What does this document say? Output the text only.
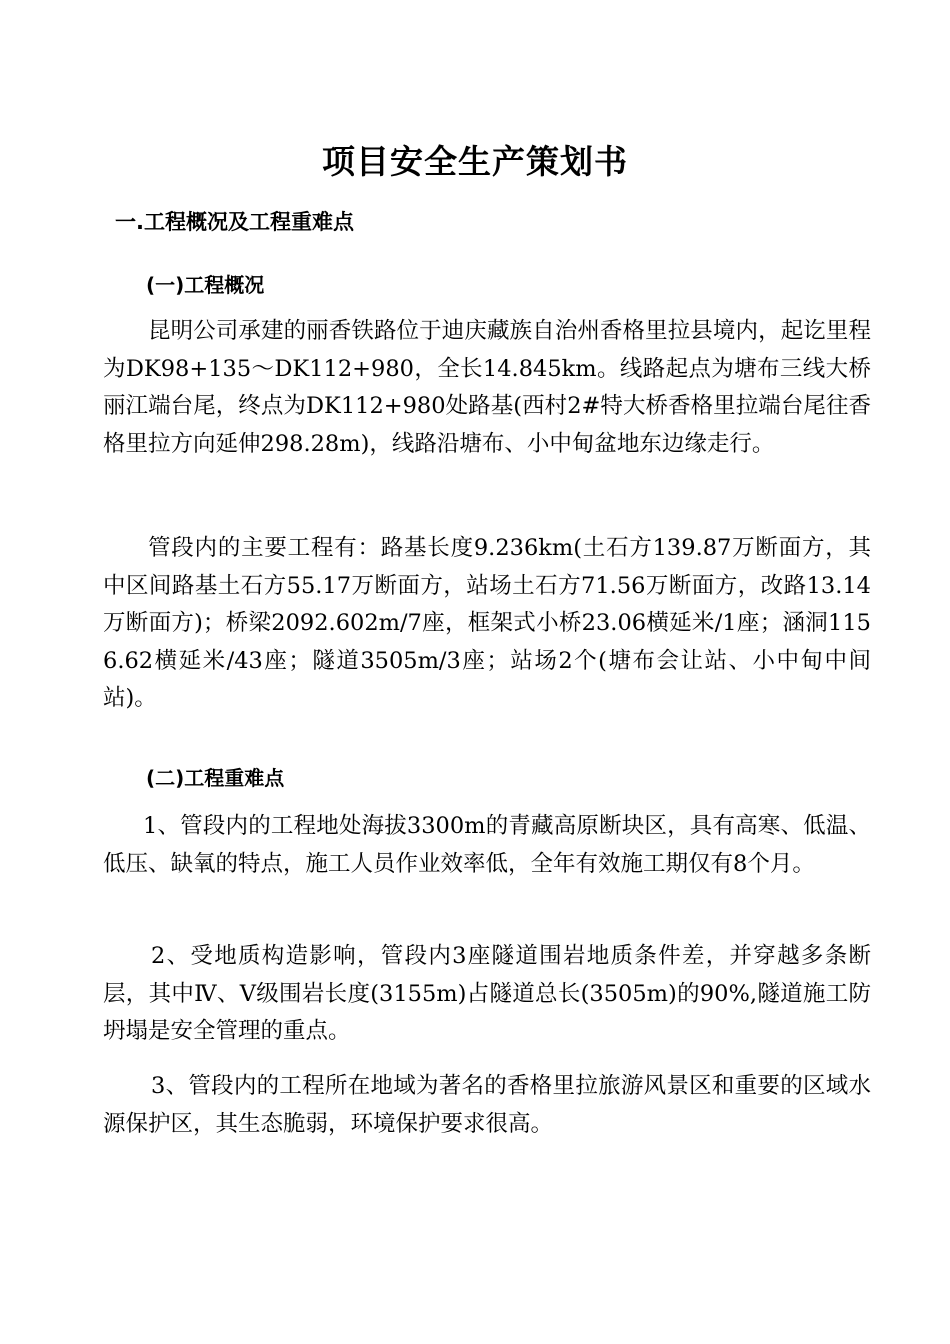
项目安全生产策划书
一.工程概况及工程重难点
(一)工程概况

昆明公司承建的丽香铁路位于迪庆藏族自治州香格里拉县境内，起讫里程为DK98+135～DK112+980，全长14.845km。线路起点为塘布三线大桥丽江端台尾，终点为DK112+980处路基(西村2#特大桥香格里拉端台尾往香格里拉方向延伸298.28m)，线路沿塘布、小中甸盆地东边缘走行。

管段内的主要工程有：路基长度9.236km(土石方139.87万断面方，其中区间路基土石方55.17万断面方，站场土石方71.56万断面方，改路13.14万断面方)；桥梁2092.602m/7座，框架式小桥23.06横延米/1座；涵洞1156.62横延米/43座；隧道3505m/3座；站场2个(塘布会让站、小中甸中间站)。

(二)工程重难点

1、管段内的工程地处海拔3300m的青藏高原断块区，具有高寒、低温、低压、缺氧的特点，施工人员作业效率低，全年有效施工期仅有8个月。

2、受地质构造影响，管段内3座隧道围岩地质条件差，并穿越多条断层，其中Ⅳ、Ⅴ级围岩长度(3155m)占隧道总长(3505m)的90%,隧道施工防坍塌是安全管理的重点。

3、管段内的工程所在地域为著名的香格里拉旅游风景区和重要的区域水源保护区，其生态脆弱，环境保护要求很高。
